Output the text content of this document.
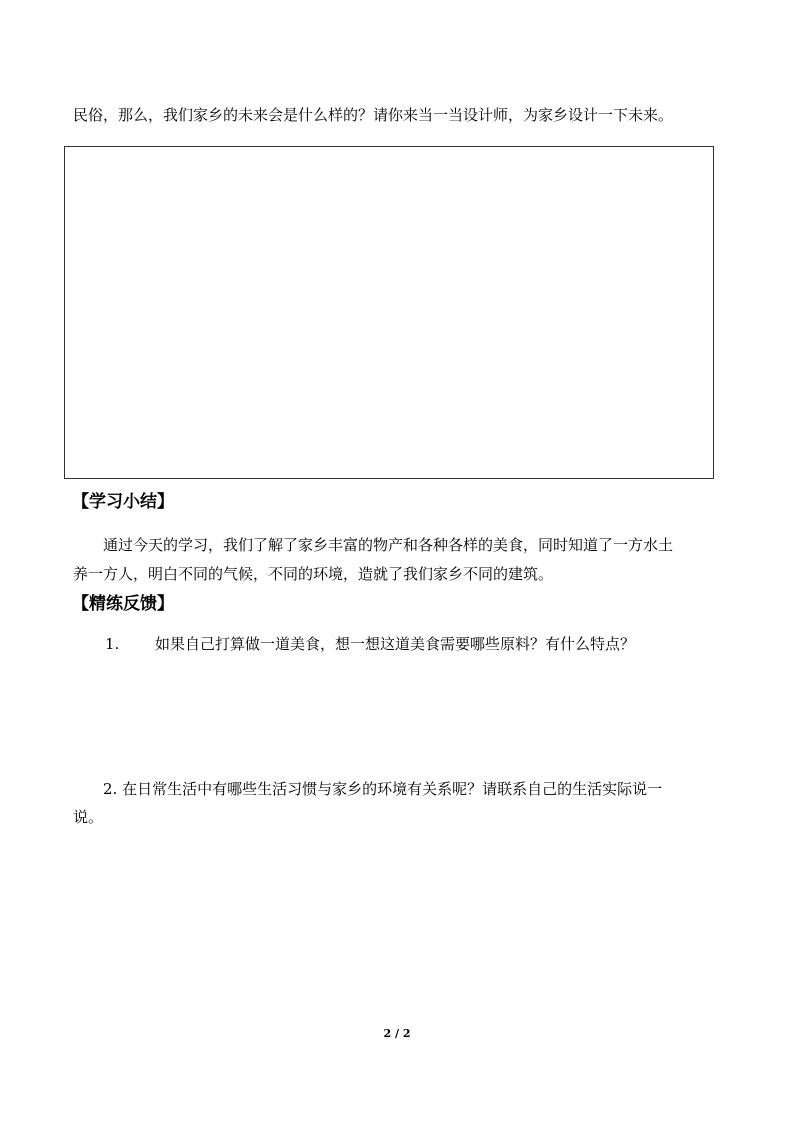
民俗，那么，我们家乡的未来会是什么样的？请你来当一当设计师，为家乡设计一下未来。
【学习小结】
通过今天的学习，我们了解了家乡丰富的物产和各种各样的美食，同时知道了一方水土
养一方人，明白不同的气候，不同的环境，造就了我们家乡不同的建筑。
【精练反馈】
1. 如果自己打算做一道美食，想一想这道美食需要哪些原料？有什么特点？
2. 在日常生活中有哪些生活习惯与家乡的环境有关系呢？请联系自己的生活实际说一
说。
2 / 2
